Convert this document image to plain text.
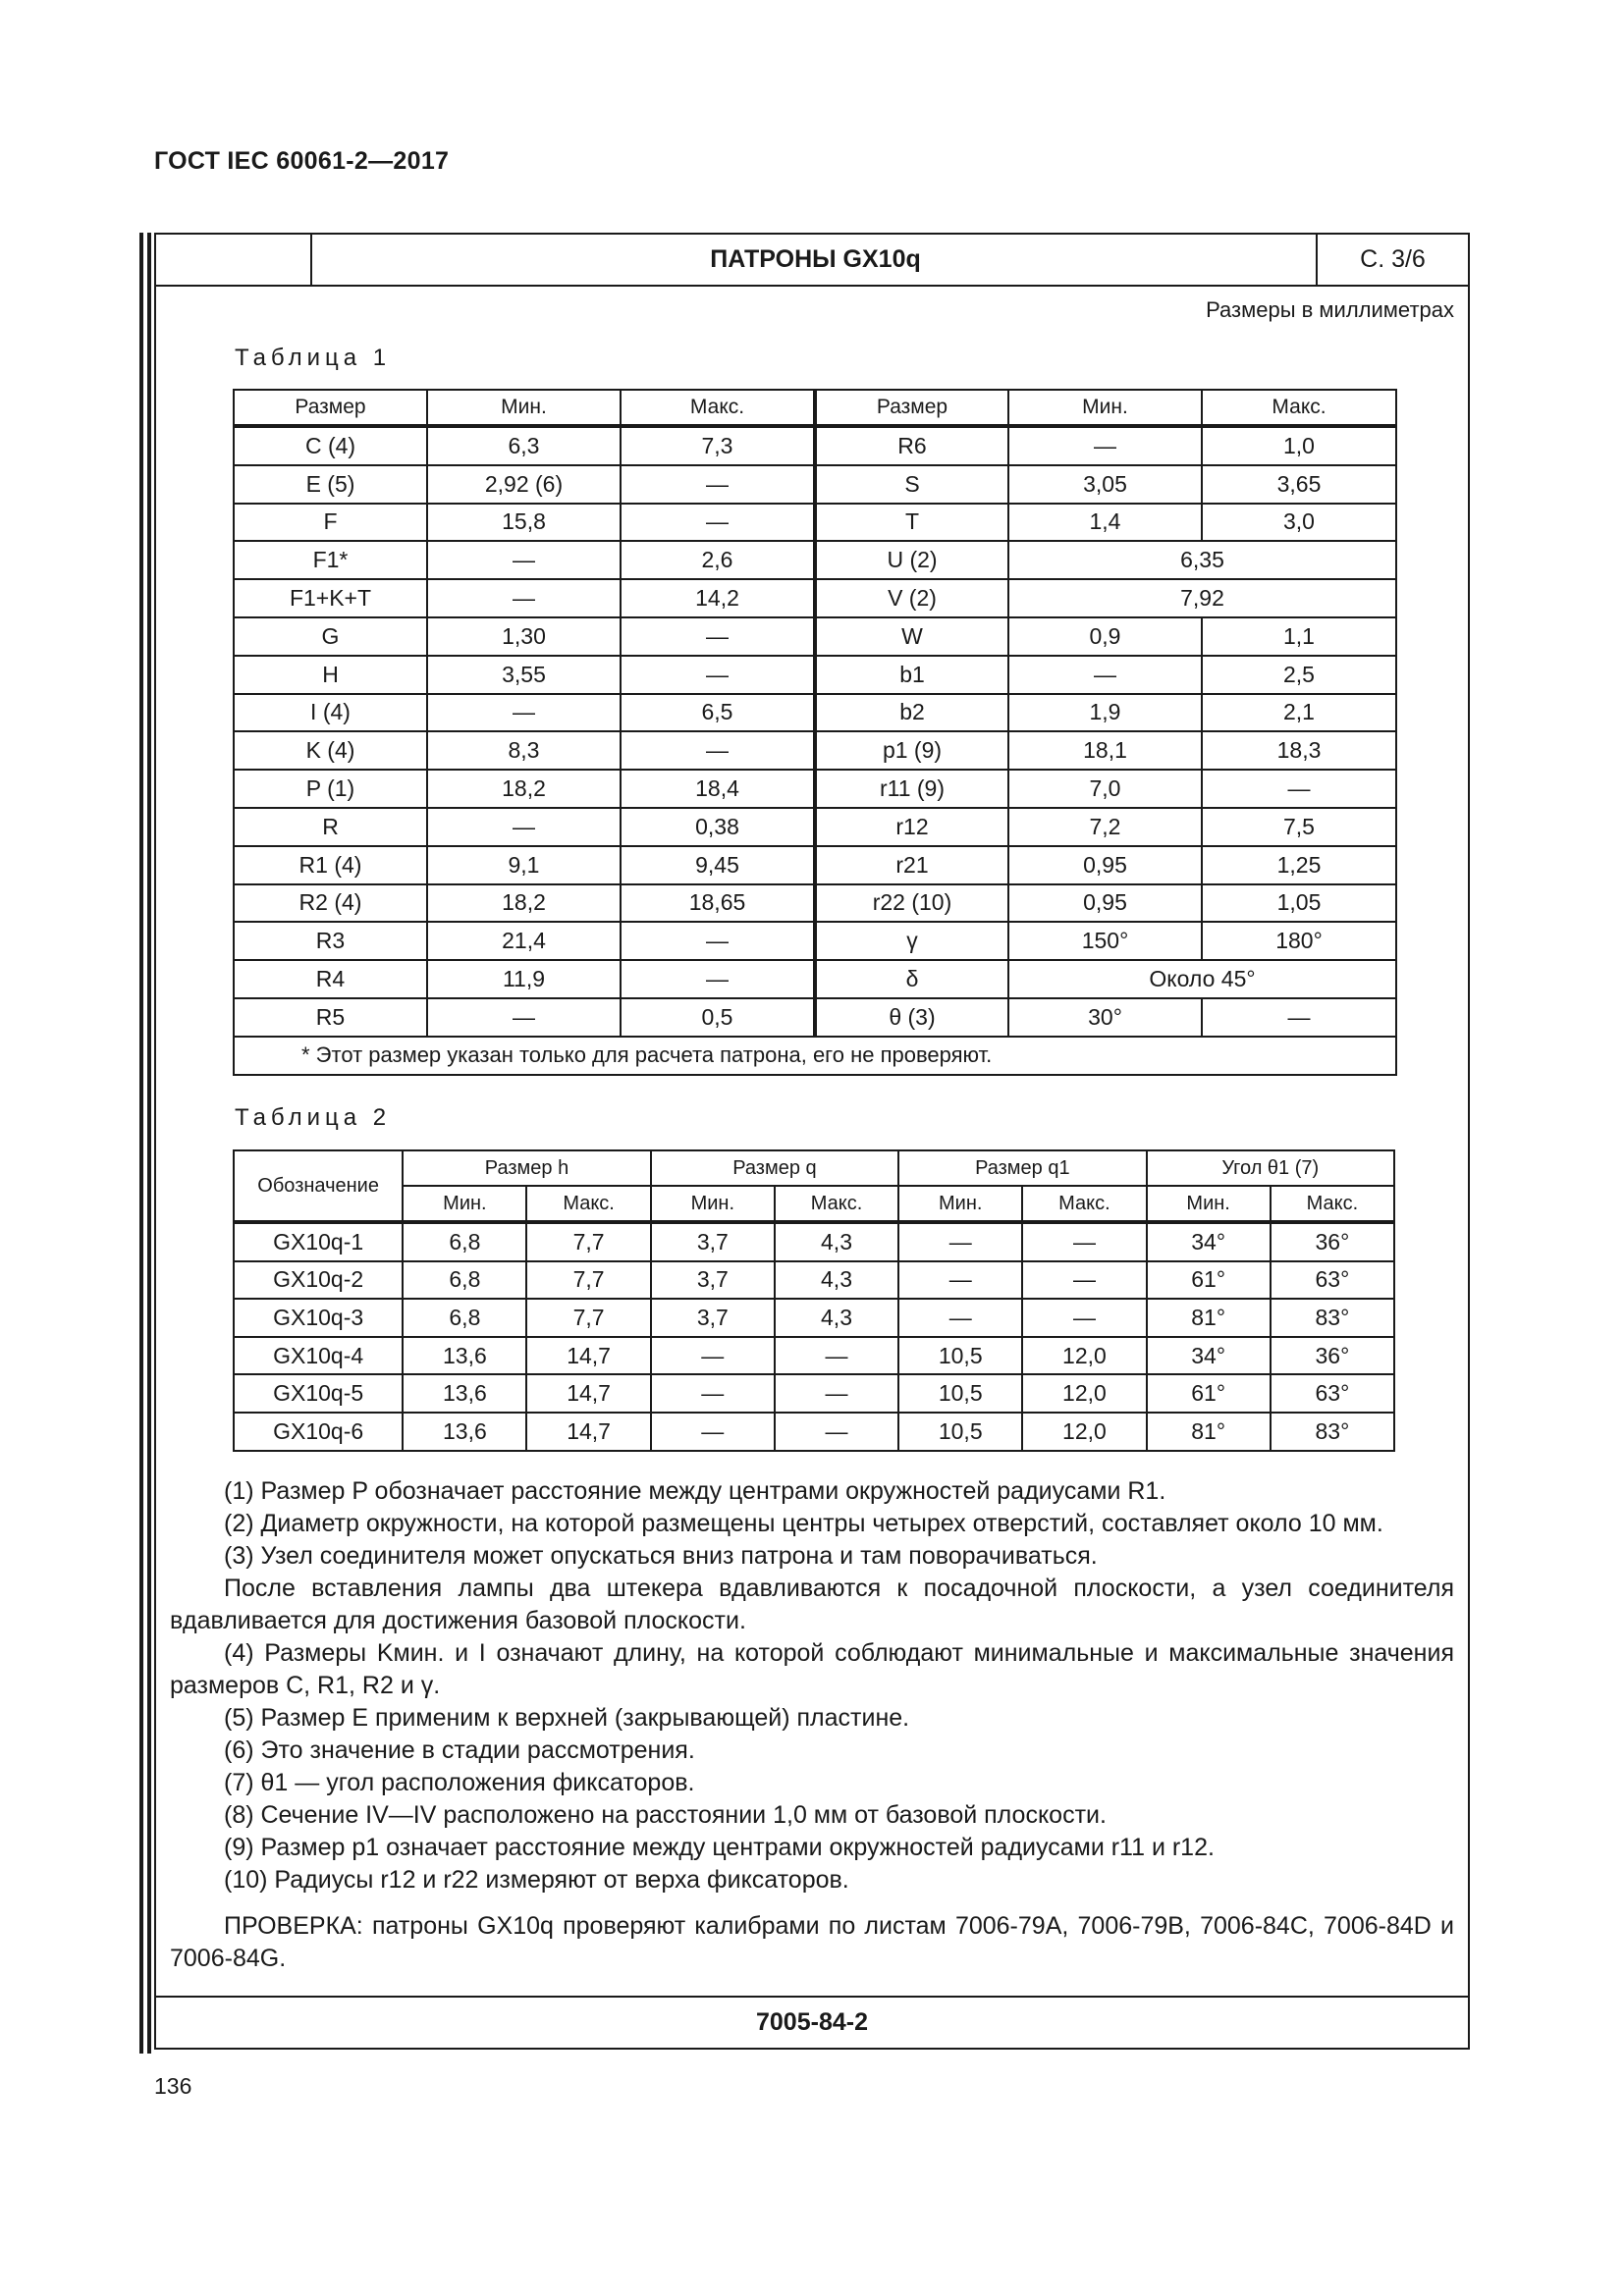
ГОСТ IEC 60061-2—2017
ПАТРОНЫ GX10q	С. 3/6
Размеры в миллиметрах
Таблица 1
Размер	Мин.	Макс.	Размер	Мин.	Макс.
C (4)	6,3	7,3	R6	—	1,0
E (5)	2,92 (6)	—	S	3,05	3,65
F	15,8	—	T	1,4	3,0
F1*	—	2,6	U (2)	6,35	
F1+K+T	—	14,2	V (2)	7,92	
G	1,30	—	W	0,9	1,1
H	3,55	—	b1	—	2,5
I (4)	—	6,5	b2	1,9	2,1
K (4)	8,3	—	p1 (9)	18,1	18,3
P (1)	18,2	18,4	r11 (9)	7,0	—
R	—	0,38	r12	7,2	7,5
R1 (4)	9,1	9,45	r21	0,95	1,25
R2 (4)	18,2	18,65	r22 (10)	0,95	1,05
R3	21,4	—	γ	150°	180°
R4	11,9	—	δ	Около 45°	
R5	—	0,5	θ (3)	30°	—
* Этот размер указан только для расчета патрона, его не проверяют.					
Таблица 2
Обозначение	Размер h		Размер q		Размер q1		Угол θ1 (7)	
	Мин.	Макс.	Мин.	Макс.	Мин.	Макс.	Мин.	Макс.
GX10q-1	6,8	7,7	3,7	4,3	—	—	34°	36°
GX10q-2	6,8	7,7	3,7	4,3	—	—	61°	63°
GX10q-3	6,8	7,7	3,7	4,3	—	—	81°	83°
GX10q-4	13,6	14,7	—	—	10,5	12,0	34°	36°
GX10q-5	13,6	14,7	—	—	10,5	12,0	61°	63°
GX10q-6	13,6	14,7	—	—	10,5	12,0	81°	83°

(1) Размер P обозначает расстояние между центрами окружностей радиусами R1.

(2) Диаметр окружности, на которой размещены центры четырех отверстий, составляет около 10 мм.

(3) Узел соединителя может опускаться вниз патрона и там поворачиваться.

После вставления лампы два штекера вдавливаются к посадочной плоскости, а узел соединителя вдавливается для достижения базовой плоскости.

(4) Размеры Kмин. и I означают длину, на которой соблюдают минимальные и максимальные значения размеров C, R1, R2 и γ.

(5) Размер E применим к верхней (закрывающей) пластине.

(6) Это значение в стадии рассмотрения.

(7) θ1 — угол расположения фиксаторов.

(8) Сечение IV—IV расположено на расстоянии 1,0 мм от базовой плоскости.

(9) Размер p1 означает расстояние между центрами окружностей радиусами r11 и r12.

(10) Радиусы r12 и r22 измеряют от верха фиксаторов.

ПРОВЕРКА: патроны GX10q проверяют калибрами по листам 7006-79A, 7006-79B, 7006-84C, 7006-84D и 7006-84G.

7005-84-2
136
